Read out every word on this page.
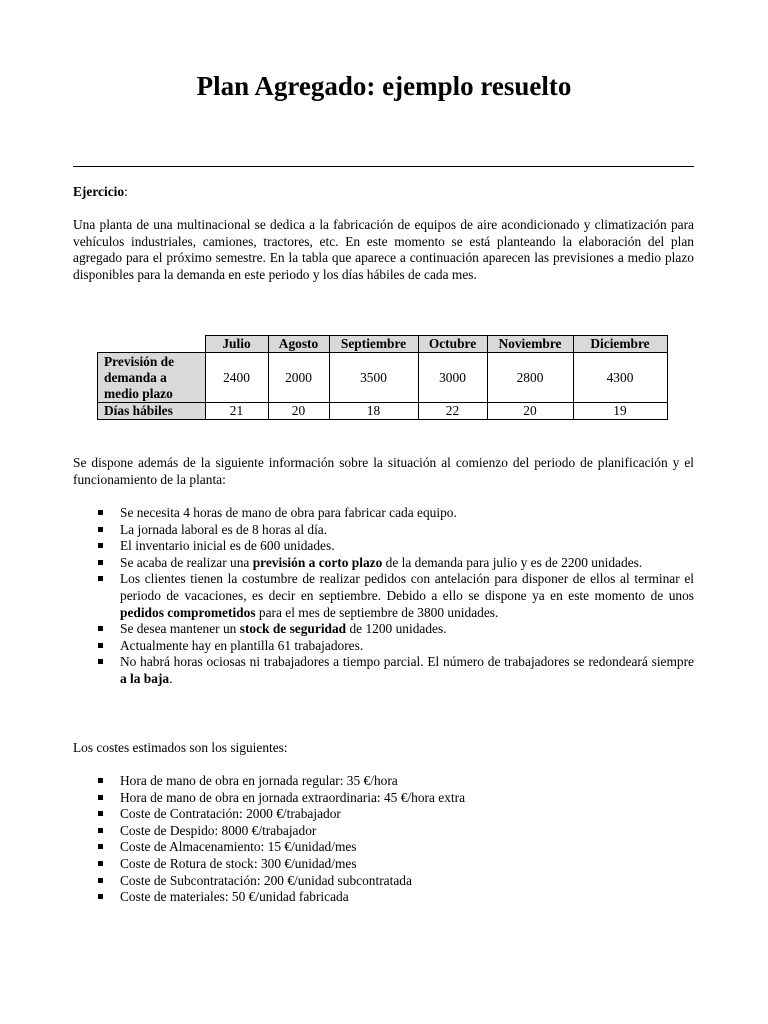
Plan Agregado: ejemplo resuelto
Ejercicio:

Una planta de una multinacional se dedica a la fabricación de equipos de aire acondicionado y climatización para vehículos industriales, camiones, tractores, etc. En este momento se está planteando la elaboración del plan agregado para el próximo semestre. En la tabla que aparece a continuación aparecen las previsiones a medio plazo disponibles para la demanda en este periodo y los días hábiles de cada mes.

	Julio	Agosto	Septiembre	Octubre	Noviembre	Diciembre
Previsión de demanda a medio plazo	2400	2000	3500	3000	2800	4300
Días hábiles	21	20	18	22	20	19

Se dispone además de la siguiente información sobre la situación al comienzo del periodo de planificación y el funcionamiento de la planta:

Se necesita 4 horas de mano de obra para fabricar cada equipo.
La jornada laboral es de 8 horas al día.
El inventario inicial es de 600 unidades.
Se acaba de realizar una previsión a corto plazo de la demanda para julio y es de 2200 unidades.
Los clientes tienen la costumbre de realizar pedidos con antelación para disponer de ellos al terminar el periodo de vacaciones, es decir en septiembre. Debido a ello se dispone ya en este momento de unos pedidos comprometidos para el mes de septiembre de 3800 unidades.
Se desea mantener un stock de seguridad de 1200 unidades.
Actualmente hay en plantilla 61 trabajadores.
No habrá horas ociosas ni trabajadores a tiempo parcial. El número de trabajadores se redondeará siempre a la baja.

Los costes estimados son los siguientes:

Hora de mano de obra en jornada regular: 35 €/hora
Hora de mano de obra en jornada extraordinaria: 45 €/hora extra
Coste de Contratación: 2000 €/trabajador
Coste de Despido: 8000 €/trabajador
Coste de Almacenamiento: 15 €/unidad/mes
Coste de Rotura de stock: 300 €/unidad/mes
Coste de Subcontratación: 200 €/unidad subcontratada
Coste de materiales: 50 €/unidad fabricada
